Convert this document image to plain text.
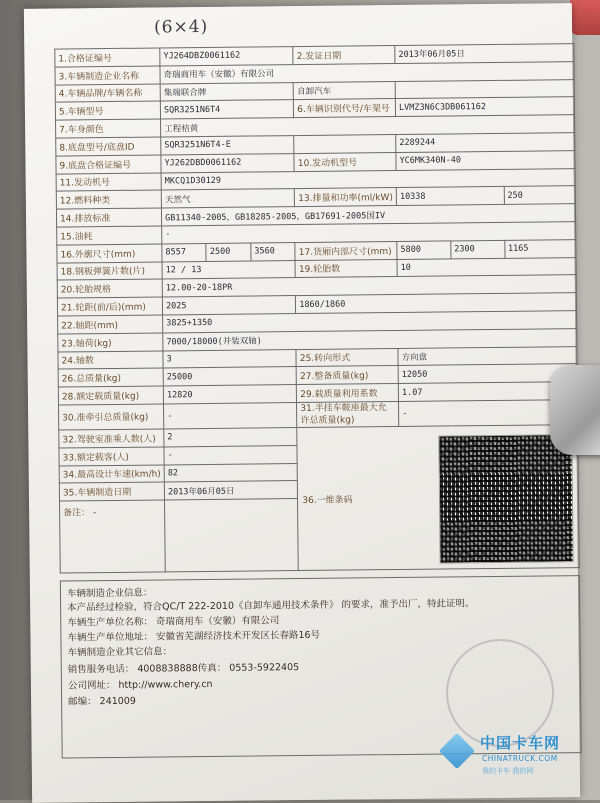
(6×4)
1.合格证编号	YJ264DBZ0061162			2.发证日期	2013年06月05日		
3.车辆制造企业名称	奇瑞商用车（安徽）有限公司						
4.车辆品牌/车辆名称	集瑞联合牌			自卸汽车			
5.车辆型号	SQR3251N6T4			6.车辆识别代号/车架号	LVMZ3N6C3DB061162		
7.车身颜色	工程桔黄						
8.底盘型号/底盘ID	SQR3251N6T4-E				2289244		
9.底盘合格证编号	YJ262DBD0061162			10.发动机型号	YC6MK340N-40		
11.发动机号	MKCQ1D30129						
12.燃料种类	天然气			13.排量和功率(ml/kW)	10338		250
14.排放标准	GB11340-2005，GB18285-2005，GB17691-2005国IV						
15.油耗	-						
16.外廓尺寸(mm)	8557	2500	3560	17.货厢内部尺寸(mm)	5800	2300	1165
18.钢板弹簧片数(片)	12 / 13			19.轮胎数	10		
20.轮胎规格	12.00-20-18PR						
21.轮距(前/后)(mm)	2025			1860/1860			
22.轴距(mm)	3825+1350						
23.轴荷(kg)	7000/18000(并装双轴)						
24.轴数	3			25.转向形式	方向盘		
26.总质量(kg)	25000			27.整备质量(kg)	12050		
28.额定载质量(kg)	12820			29.载质量利用系数	1.07		
30.准牵引总质量(kg)	-			31.半挂车鞍座最大允许总质量(kg)	-		
32.驾驶室准乘人数(人)	2			36.一维条码			
33.额定载客(人)	-						
34.最高设计车速(km/h)	82						
35.车辆制造日期	2013年06月05日						
备注： -							
车辆制造企业信息：
本产品经过检验，符合QC/T 222-2010《自卸车通用技术条件》 的要求，准予出厂，特此证明。
车辆生产单位名称： 奇瑞商用车（安徽）有限公司
车辆生产单位地址： 安徽省芜湖经济技术开发区长春路16号
车辆制造企业其它信息：
销售服务电话： 4008838888传真： 0553-5922405
公司网址： http://www.chery.cn
邮编： 241009
中国卡车网
CHINATRUCK.COM
我的卡车 我的网
